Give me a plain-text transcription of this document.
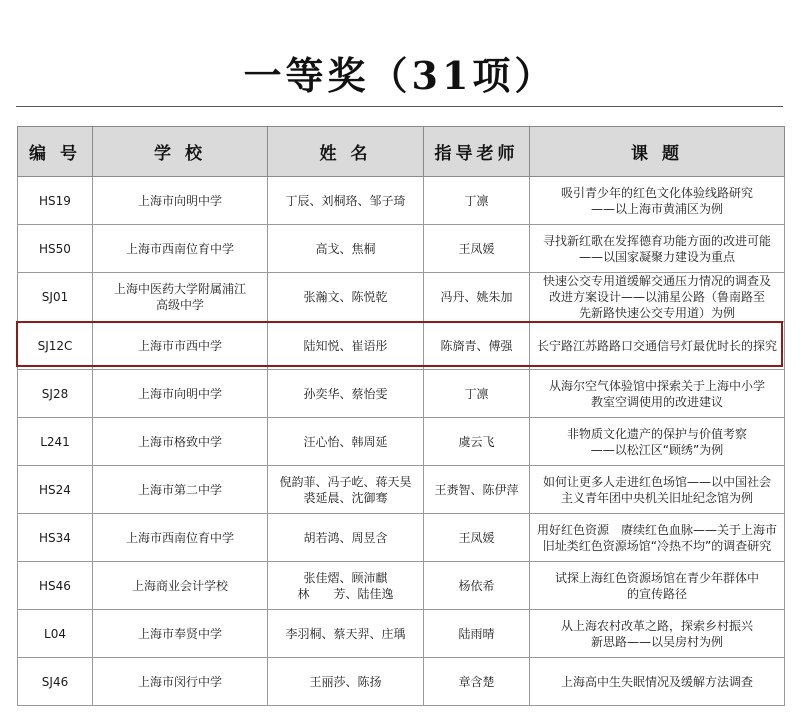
一等奖（31项）
编 号	学 校	姓 名	指导老师	课 题
HS19	上海市向明中学	丁辰、刘桐珞、邹子琦	丁凛	吸引青少年的红色文化体验线路研究
——以上海市黄浦区为例

HS50	上海市西南位育中学	高戈、焦桐	王凤媛	寻找新红歌在发挥德育功能方面的改进可能
——以国家凝聚力建设为重点

SJ01	上海中医药大学附属浦江
高级中学	张瀚文、陈悦乾	冯丹、姚朱加	快速公交专用道缓解交通压力情况的调查及
改进方案设计——以浦星公路（鲁南路至
先新路快速公交专用道）为例

SJ12C	上海市市西中学	陆知悦、崔语彤	陈旖青、傅强	长宁路江苏路路口交通信号灯最优时长的探究

SJ28	上海市向明中学	孙奕华、蔡怡雯	丁凛	从海尔空气体验馆中探索关于上海中小学
教室空调使用的改进建议

L241	上海市格致中学	汪心怡、韩周延	虞云飞	非物质文化遗产的保护与价值考察
——以松江区“顾绣”为例

HS24	上海市第二中学	倪韵菲、冯子屹、蒋天昊
裘延晨、沈御骞	王赉智、陈伊萍	如何让更多人走进红色场馆——以中国社会
主义青年团中央机关旧址纪念馆为例

HS34	上海市西南位育中学	胡若鸿、周昱含	王凤媛	用好红色资源　赓续红色血脉——关于上海市
旧址类红色资源场馆“冷热不均”的调查研究

HS46	上海商业会计学校	张佳熠、顾沛麒
林　　芳、陆佳逸	杨依希	试探上海红色资源场馆在青少年群体中
的宣传路径

L04	上海市奉贤中学	李羽桐、蔡天羿、庄瑀	陆雨晴	从上海农村改革之路，探索乡村振兴
新思路——以吴房村为例

SJ46	上海市闵行中学	王丽莎、陈扬	章含楚	上海高中生失眠情况及缓解方法调查
